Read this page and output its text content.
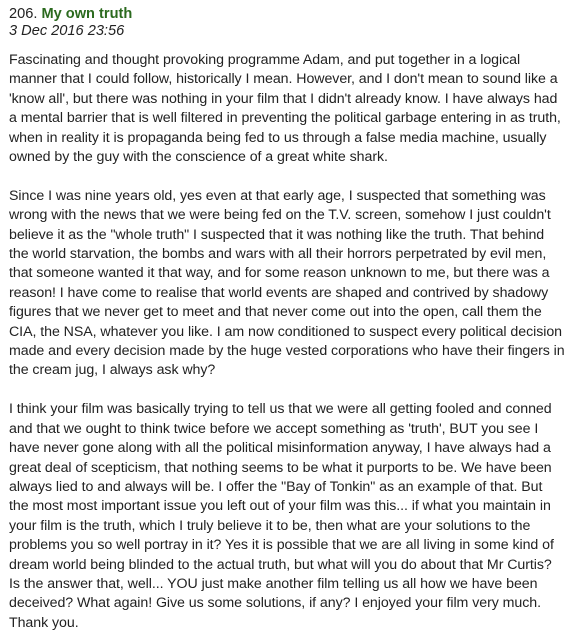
206. My own truth
3 Dec 2016 23:56

Fascinating and thought provoking programme Adam, and put together in a logical manner that I could follow, historically I mean. However, and I don't mean to sound like a 'know all', but there was nothing in your film that I didn't already know. I have always had a mental barrier that is well filtered in preventing the political garbage entering in as truth, when in reality it is propaganda being fed to us through a false media machine, usually owned by the guy with the conscience of a great white shark.

Since I was nine years old, yes even at that early age, I suspected that something was wrong with the news that we were being fed on the T.V. screen, somehow I just couldn't believe it as the "whole truth" I suspected that it was nothing like the truth. That behind the world starvation, the bombs and wars with all their horrors perpetrated by evil men, that someone wanted it that way, and for some reason unknown to me, but there was a reason! I have come to realise that world events are shaped and contrived by shadowy figures that we never get to meet and that never come out into the open, call them the CIA, the NSA, whatever you like. I am now conditioned to suspect every political decision made and every decision made by the huge vested corporations who have their fingers in the cream jug, I always ask why?

I think your film was basically trying to tell us that we were all getting fooled and conned and that we ought to think twice before we accept something as 'truth', BUT you see I have never gone along with all the political misinformation anyway, I have always had a great deal of scepticism, that nothing seems to be what it purports to be. We have been always lied to and always will be. I offer the "Bay of Tonkin" as an example of that. But the most most important issue you left out of your film was this... if what you maintain in your film is the truth, which I truly believe it to be, then what are your solutions to the problems you so well portray in it? Yes it is possible that we are all living in some kind of dream world being blinded to the actual truth, but what will you do about that Mr Curtis? Is the answer that, well... YOU just make another film telling us all how we have been deceived? What again! Give us some solutions, if any? I enjoyed your film very much. Thank you.
